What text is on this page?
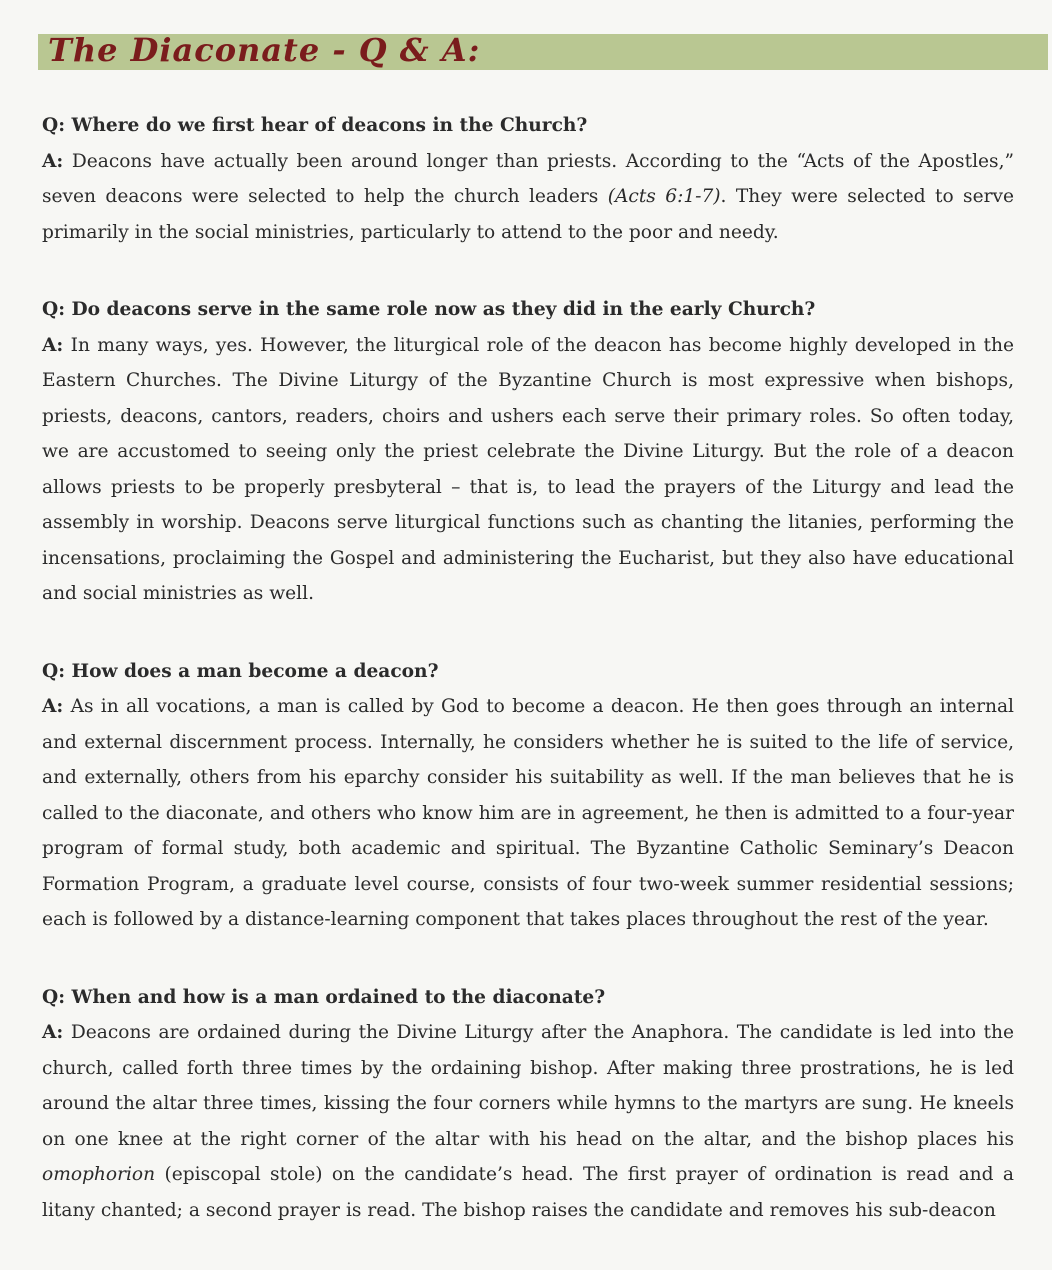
The Diaconate - Q & A:

Q: Where do we first hear of deacons in the Church?

A: Deacons have actually been around longer than priests. According to the “Acts of the Apostles,” seven deacons were selected to help the church leaders (Acts 6:1-7). They were selected to serve primarily in the social ministries, particularly to attend to the poor and needy.

Q: Do deacons serve in the same role now as they did in the early Church?

A: In many ways, yes. However, the liturgical role of the deacon has become highly developed in the Eastern Churches. The Divine Liturgy of the Byzantine Church is most expressive when bishops, priests, deacons, cantors, readers, choirs and ushers each serve their primary roles. So often today, we are accustomed to seeing only the priest celebrate the Divine Liturgy. But the role of a deacon allows priests to be properly presbyteral – that is, to lead the prayers of the Liturgy and lead the assembly in worship. Deacons serve liturgical functions such as chanting the litanies, performing the incensations, proclaiming the Gospel and administering the Eucharist, but they also have educational and social ministries as well.

Q: How does a man become a deacon?

A: As in all vocations, a man is called by God to become a deacon. He then goes through an internal and external discernment process. Internally, he considers whether he is suited to the life of service, and externally, others from his eparchy consider his suitability as well. If the man believes that he is called to the diaconate, and others who know him are in agreement, he then is admitted to a four-year program of formal study, both academic and spiritual. The Byzantine Catholic Seminary’s Deacon Formation Program, a graduate level course, consists of four two-week summer residential sessions; each is followed by a distance-learning component that takes places throughout the rest of the year.

Q: When and how is a man ordained to the diaconate?

A: Deacons are ordained during the Divine Liturgy after the Anaphora. The candidate is led into the church, called forth three times by the ordaining bishop. After making three prostrations, he is led around the altar three times, kissing the four corners while hymns to the martyrs are sung. He kneels on one knee at the right corner of the altar with his head on the altar, and the bishop places his omophorion (episcopal stole) on the candidate’s head. The first prayer of ordination is read and a litany chanted; a second prayer is read. The bishop raises the candidate and removes his sub-deacon
